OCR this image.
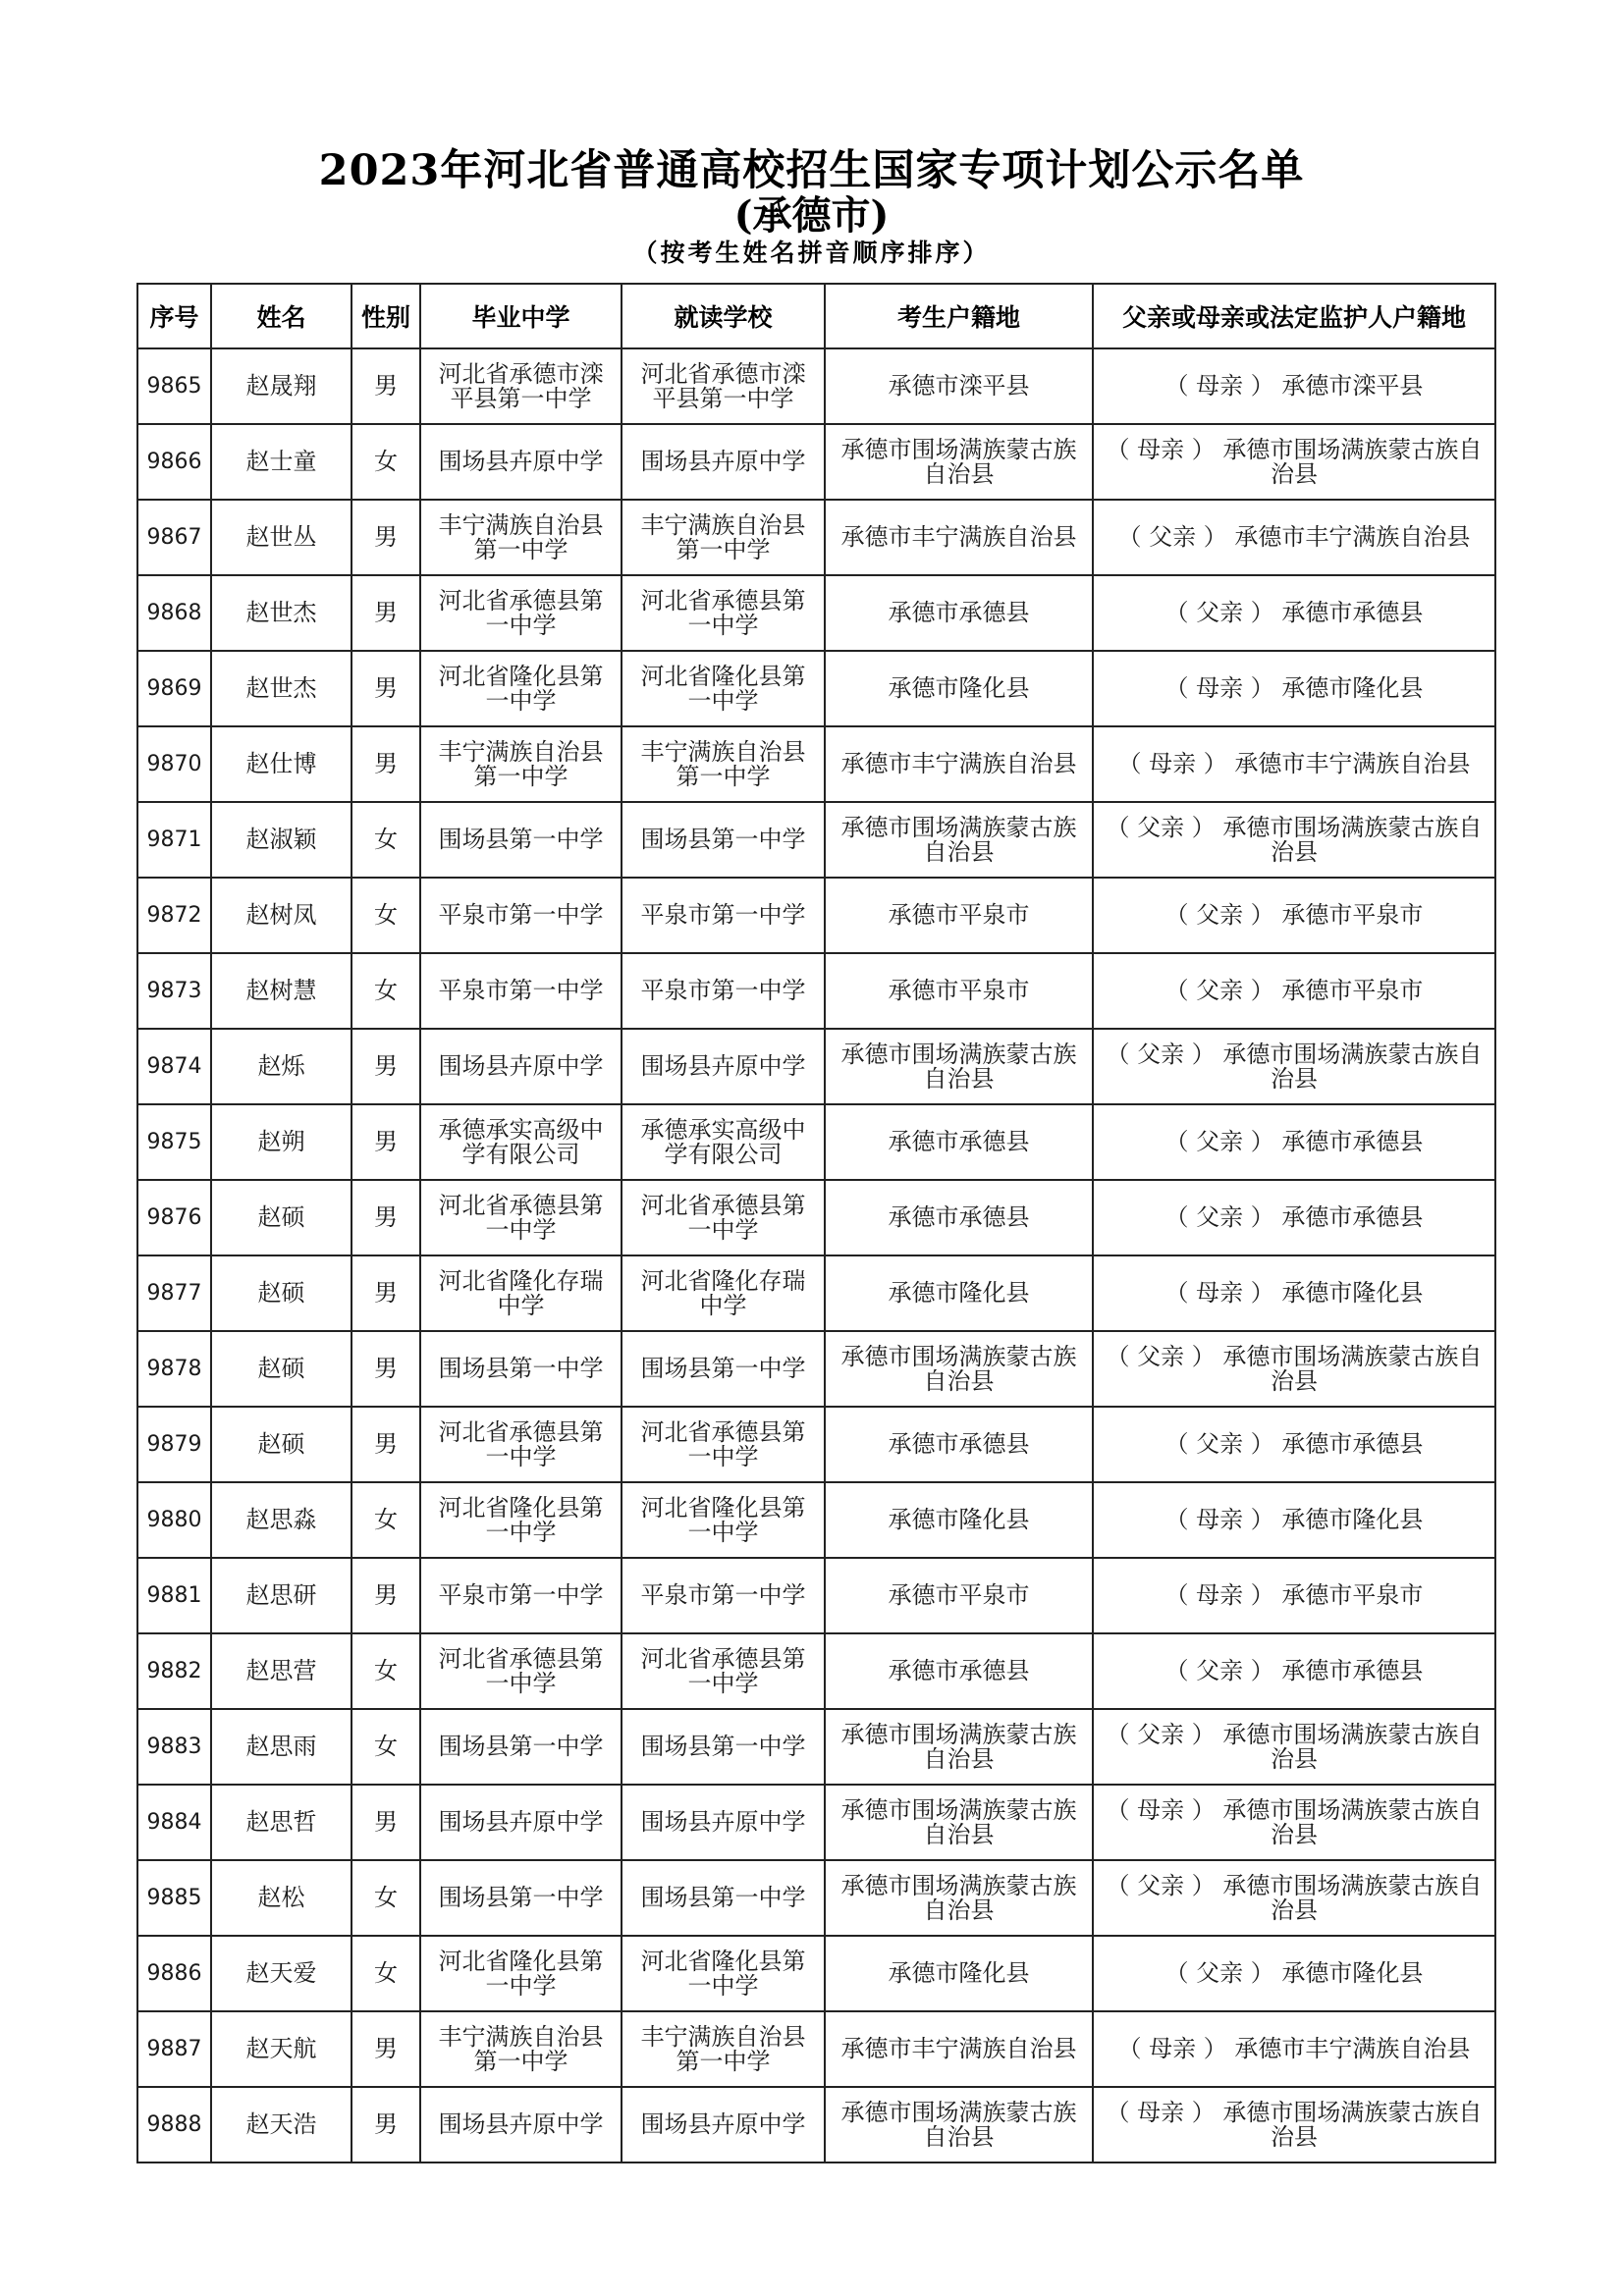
2023年河北省普通高校招生国家专项计划公示名单
(承德市)
（按考生姓名拼音顺序排序）
序号	姓名	性别	毕业中学	就读学校	考生户籍地	父亲或母亲或法定监护人户籍地
9865	赵晟翔	男	河北省承德市滦平县第一中学	河北省承德市滦平县第一中学	承德市滦平县	（ 母亲 ） 承德市滦平县
9866	赵士童	女	围场县卉原中学	围场县卉原中学	承德市围场满族蒙古族自治县	（ 母亲 ） 承德市围场满族蒙古族自治县
9867	赵世丛	男	丰宁满族自治县第一中学	丰宁满族自治县第一中学	承德市丰宁满族自治县	（ 父亲 ） 承德市丰宁满族自治县
9868	赵世杰	男	河北省承德县第一中学	河北省承德县第一中学	承德市承德县	（ 父亲 ） 承德市承德县
9869	赵世杰	男	河北省隆化县第一中学	河北省隆化县第一中学	承德市隆化县	（ 母亲 ） 承德市隆化县
9870	赵仕博	男	丰宁满族自治县第一中学	丰宁满族自治县第一中学	承德市丰宁满族自治县	（ 母亲 ） 承德市丰宁满族自治县
9871	赵淑颖	女	围场县第一中学	围场县第一中学	承德市围场满族蒙古族自治县	（ 父亲 ） 承德市围场满族蒙古族自治县
9872	赵树凤	女	平泉市第一中学	平泉市第一中学	承德市平泉市	（ 父亲 ） 承德市平泉市
9873	赵树慧	女	平泉市第一中学	平泉市第一中学	承德市平泉市	（ 父亲 ） 承德市平泉市
9874	赵烁	男	围场县卉原中学	围场县卉原中学	承德市围场满族蒙古族自治县	（ 父亲 ） 承德市围场满族蒙古族自治县
9875	赵朔	男	承德承实高级中学有限公司	承德承实高级中学有限公司	承德市承德县	（ 父亲 ） 承德市承德县
9876	赵硕	男	河北省承德县第一中学	河北省承德县第一中学	承德市承德县	（ 父亲 ） 承德市承德县
9877	赵硕	男	河北省隆化存瑞中学	河北省隆化存瑞中学	承德市隆化县	（ 母亲 ） 承德市隆化县
9878	赵硕	男	围场县第一中学	围场县第一中学	承德市围场满族蒙古族自治县	（ 父亲 ） 承德市围场满族蒙古族自治县
9879	赵硕	男	河北省承德县第一中学	河北省承德县第一中学	承德市承德县	（ 父亲 ） 承德市承德县
9880	赵思淼	女	河北省隆化县第一中学	河北省隆化县第一中学	承德市隆化县	（ 母亲 ） 承德市隆化县
9881	赵思研	男	平泉市第一中学	平泉市第一中学	承德市平泉市	（ 母亲 ） 承德市平泉市
9882	赵思营	女	河北省承德县第一中学	河北省承德县第一中学	承德市承德县	（ 父亲 ） 承德市承德县
9883	赵思雨	女	围场县第一中学	围场县第一中学	承德市围场满族蒙古族自治县	（ 父亲 ） 承德市围场满族蒙古族自治县
9884	赵思哲	男	围场县卉原中学	围场县卉原中学	承德市围场满族蒙古族自治县	（ 母亲 ） 承德市围场满族蒙古族自治县
9885	赵松	女	围场县第一中学	围场县第一中学	承德市围场满族蒙古族自治县	（ 父亲 ） 承德市围场满族蒙古族自治县
9886	赵天爱	女	河北省隆化县第一中学	河北省隆化县第一中学	承德市隆化县	（ 父亲 ） 承德市隆化县
9887	赵天航	男	丰宁满族自治县第一中学	丰宁满族自治县第一中学	承德市丰宁满族自治县	（ 母亲 ） 承德市丰宁满族自治县
9888	赵天浩	男	围场县卉原中学	围场县卉原中学	承德市围场满族蒙古族自治县	（ 母亲 ） 承德市围场满族蒙古族自治县
